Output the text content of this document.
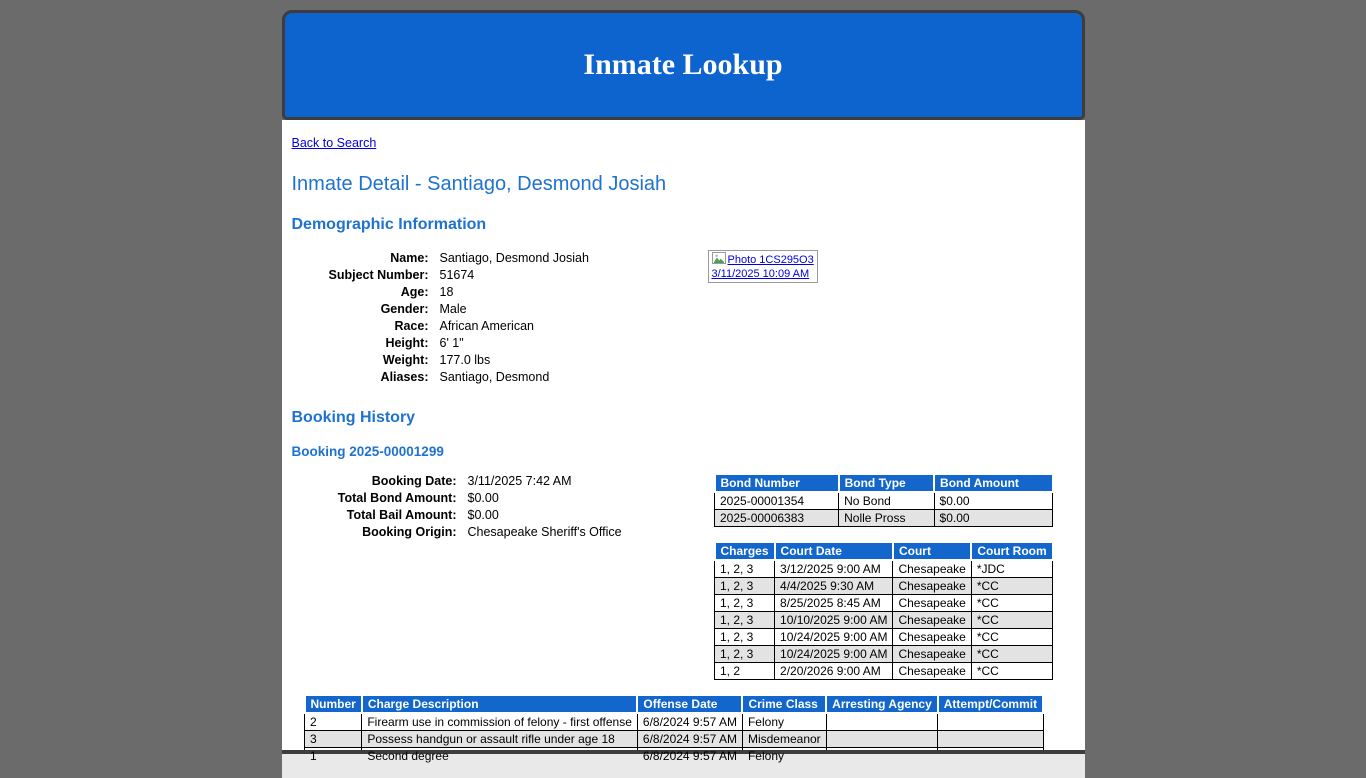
Inmate Lookup
Back to Search
Inmate Detail - Santiago, Desmond Josiah
Demographic Information
Name: Santiago, Desmond Josiah
Subject Number: 51674
Age: 18
Gender: Male
Race: African American
Height: 6' 1"
Weight: 177.0 lbs
Aliases: Santiago, Desmond
Photo 1CS295O3
3/11/2025 10:09 AM
Booking History
Booking 2025-00001299
Booking Date: 3/11/2025 7:42 AM
Total Bond Amount: $0.00
Total Bail Amount: $0.00
Booking Origin: Chesapeake Sheriff's Office
Bond Number	Bond Type	Bond Amount
2025-00001354	No Bond	$0.00
2025-00006383	Nolle Pross	$0.00
Charges	Court Date	Court	Court Room
1, 2, 3	3/12/2025 9:00 AM	Chesapeake	*JDC
1, 2, 3	4/4/2025 9:30 AM	Chesapeake	*CC
1, 2, 3	8/25/2025 8:45 AM	Chesapeake	*CC
1, 2, 3	10/10/2025 9:00 AM	Chesapeake	*CC
1, 2, 3	10/24/2025 9:00 AM	Chesapeake	*CC
1, 2, 3	10/24/2025 9:00 AM	Chesapeake	*CC
1, 2	2/20/2026 9:00 AM	Chesapeake	*CC
Number	Charge Description	Offense Date	Crime Class	Arresting Agency	Attempt/Commit
2	Firearm use in commission of felony - first offense	6/8/2024 9:57 AM	Felony		
3	Possess handgun or assault rifle under age 18	6/8/2024 9:57 AM	Misdemeanor		
1	Second degree	6/8/2024 9:57 AM	Felony		
